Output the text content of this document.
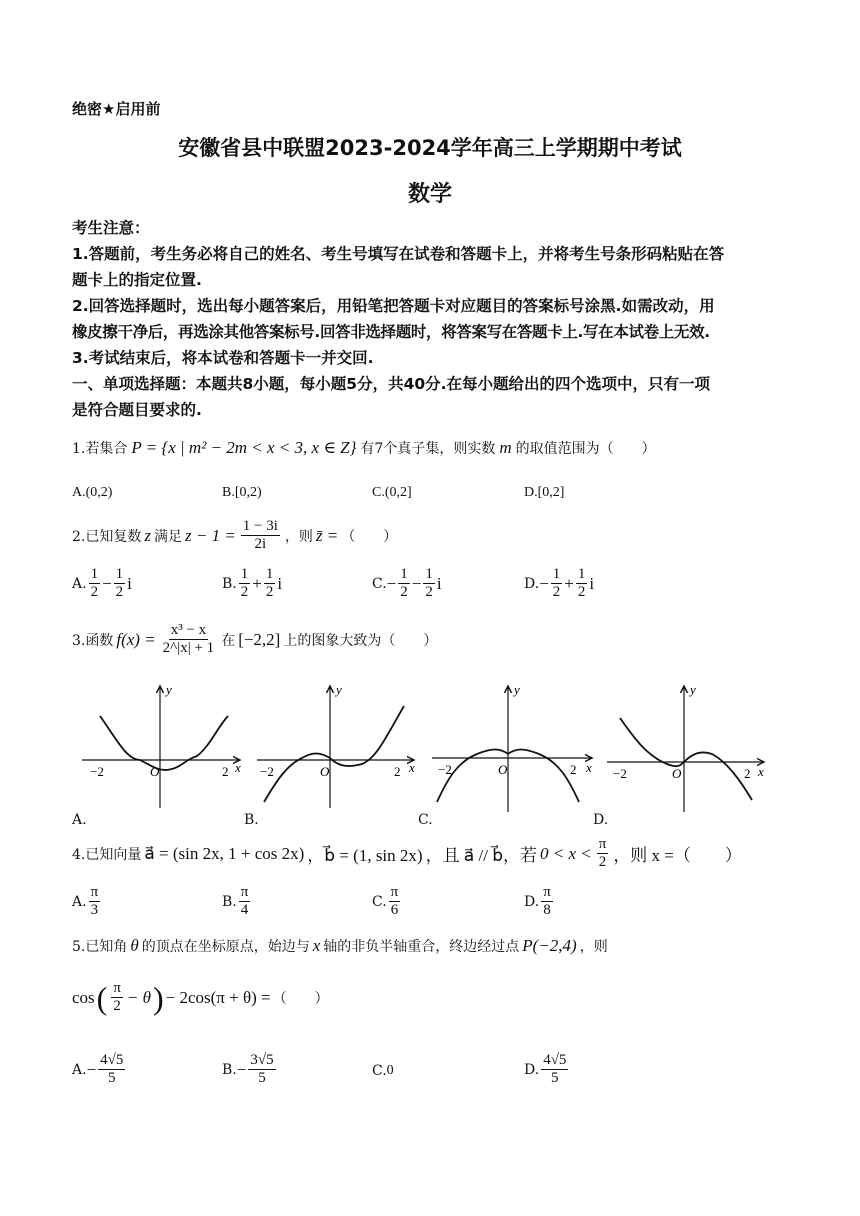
绝密★启用前
安徽省县中联盟2023-2024学年高三上学期期中考试
数学
考生注意：
1.答题前，考生务必将自己的姓名、考生号填写在试卷和答题卡上，并将考生号条形码粘贴在答
题卡上的指定位置.
2.回答选择题时，选出每小题答案后，用铅笔把答题卡对应题目的答案标号涂黑.如需改动，用
橡皮擦干净后，再选涂其他答案标号.回答非选择题时，将答案写在答题卡上.写在本试卷上无效.
3.考试结束后，将本试卷和答题卡一并交回.
一、单项选择题：本题共8小题，每小题5分，共40分.在每小题给出的四个选项中，只有一项
是符合题目要求的.
1.若集合 P = {x | m² − 2m < x < 3, x ∈ Z} 有7个真子集，则实数 m 的取值范围为（　　）
A.(0,2)	B.[0,2)	C.(0,2]	D.[0,2]
2.已知复数 z 满足 $z - 1 = \frac{1 - 3i}{2i}$ ，则 z̄ = （　　）
A. $\frac{1}{2} - \frac{1}{2}$ i	B. $\frac{1}{2} + \frac{1}{2}$ i	C. − $\frac{1}{2} - \frac{1}{2}$ i	D. − $\frac{1}{2} + \frac{1}{2}$ i
3.函数 $f(x) = \frac{\text{x³ − x}}{2\^{}|x| + 1}$ 在 [−2,2] 上的图象大致为（　　）
y
x
O
−2	2
y
x
O
−2	2
y
x
O
−2	2
y
x
O
−2	2
A.	B.	C.	D.
4.已知向量 a⃗ = (sin 2x, 1 + cos 2x) ，b⃗ = (1, sin 2x) ，且 a⃗ // b⃗，若 $0 < x < \frac{\pi}{2}$ ，则 x =（　　）
A. $\frac{\pi}{3}$	B. $\frac{\pi}{4}$	C. $\frac{\pi}{6}$	D. $\frac{\pi}{8}$
5.已知角 θ 的顶点在坐标原点，始边与 x 轴的非负半轴重合，终边经过点 P(−2,4) ，则
cos ( $\frac{\pi}{2} - \theta$ ) − 2cos(π + θ) = （　　）
A. − $\frac{4√5}{5}$	B. − $\frac{3√5}{5}$	C. 0	D. $\frac{4√5}{5}$
